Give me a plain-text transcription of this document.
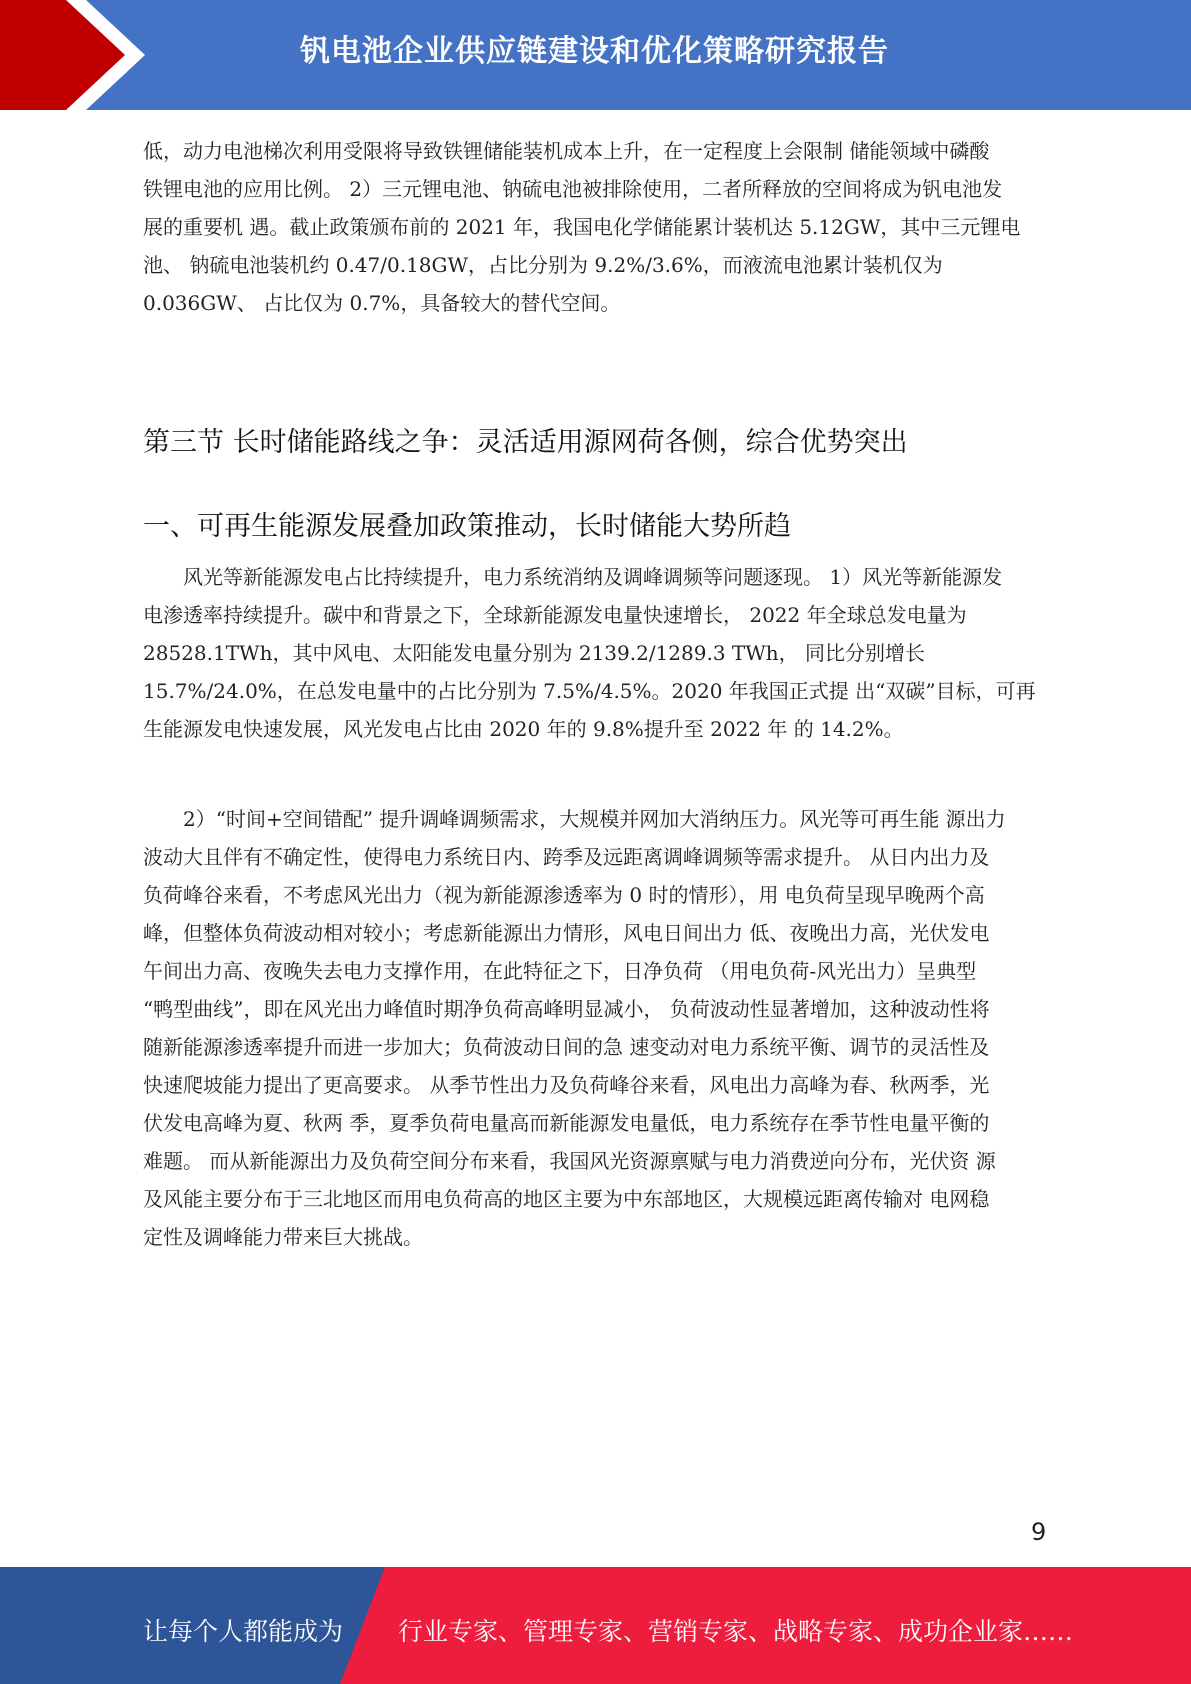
钒电池企业供应链建设和优化策略研究报告

低，动力电池梯次利用受限将导致铁锂储能装机成本上升，在一定程度上会限制 储能领域中磷酸
铁锂电池的应用比例。 2）三元锂电池、钠硫电池被排除使用，二者所释放的空间将成为钒电池发
展的重要机 遇。截止政策颁布前的 2021 年，我国电化学储能累计装机达 5.12GW，其中三元锂电
池、 钠硫电池装机约 0.47/0.18GW，占比分别为 9.2%/3.6%，而液流电池累计装机仅为
0.036GW、 占比仅为 0.7%，具备较大的替代空间。

第三节 长时储能路线之争：灵活适用源网荷各侧，综合优势突出
一、可再生能源发展叠加政策推动，长时储能大势所趋

　　风光等新能源发电占比持续提升，电力系统消纳及调峰调频等问题逐现。 1）风光等新能源发
电渗透率持续提升。碳中和背景之下，全球新能源发电量快速增长， 2022 年全球总发电量为
28528.1TWh，其中风电、太阳能发电量分别为 2139.2/1289.3 TWh， 同比分别增长
15.7%/24.0%，在总发电量中的占比分别为 7.5%/4.5%。2020 年我国正式提 出“双碳”目标，可再
生能源发电快速发展，风光发电占比由 2020 年的 9.8%提升至 2022 年 的 14.2%。

　　2）“时间+空间错配” 提升调峰调频需求，大规模并网加大消纳压力。风光等可再生能 源出力
波动大且伴有不确定性，使得电力系统日内、跨季及远距离调峰调频等需求提升。 从日内出力及
负荷峰谷来看，不考虑风光出力（视为新能源渗透率为 0 时的情形），用 电负荷呈现早晚两个高
峰，但整体负荷波动相对较小；考虑新能源出力情形，风电日间出力 低、夜晚出力高，光伏发电
午间出力高、夜晚失去电力支撑作用，在此特征之下，日净负荷 （用电负荷-风光出力）呈典型
“鸭型曲线”，即在风光出力峰值时期净负荷高峰明显减小， 负荷波动性显著增加，这种波动性将
随新能源渗透率提升而进一步加大；负荷波动日间的急 速变动对电力系统平衡、调节的灵活性及
快速爬坡能力提出了更高要求。 从季节性出力及负荷峰谷来看，风电出力高峰为春、秋两季，光
伏发电高峰为夏、秋两 季，夏季负荷电量高而新能源发电量低，电力系统存在季节性电量平衡的
难题。 而从新能源出力及负荷空间分布来看，我国风光资源禀赋与电力消费逆向分布，光伏资 源
及风能主要分布于三北地区而用电负荷高的地区主要为中东部地区，大规模远距离传输对 电网稳
定性及调峰能力带来巨大挑战。

9
让每个人都能成为 行业专家、管理专家、营销专家、战略专家、成功企业家……
